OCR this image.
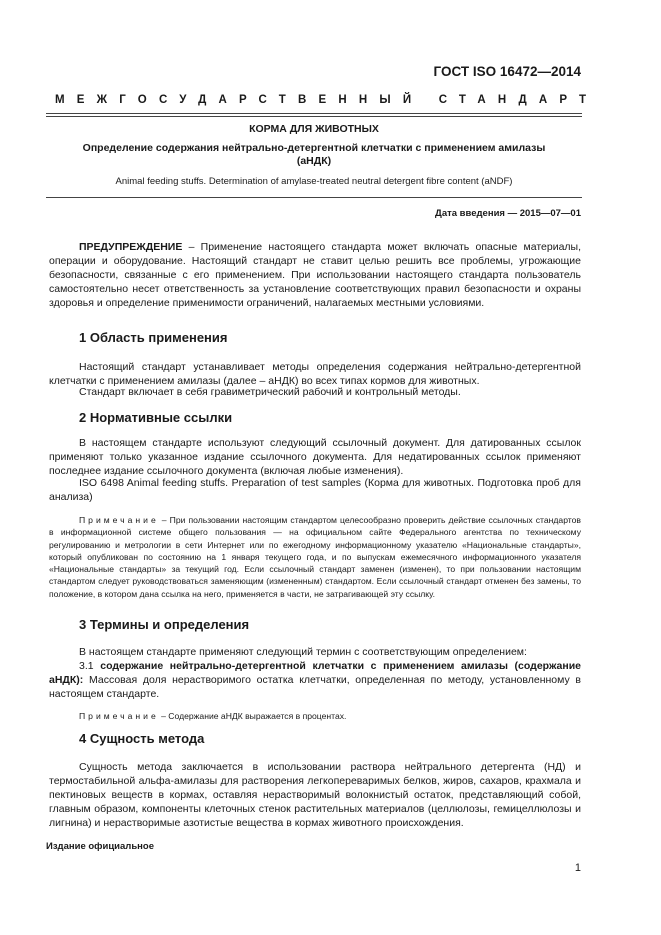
ГОСТ ISO 16472—2014
МЕЖГОСУДАРСТВЕННЫЙ СТАНДАРТ
КОРМА ДЛЯ ЖИВОТНЫХ
Определение содержания нейтрально-детергентной клетчатки с применением амилазы
(аНДК)
Animal feeding stuffs. Determination of amylase-treated neutral detergent fibre content (aNDF)
Дата введения — 2015—07—01
ПРЕДУПРЕЖДЕНИЕ – Применение настоящего стандарта может включать опасные материалы, операции и оборудование. Настоящий стандарт не ставит целью решить все проблемы, угрожающие безопасности, связанные с его применением. При использовании настоящего стандарта пользователь самостоятельно несет ответственность за установление соответствующих правил безопасности и охраны здоровья и определение применимости ограничений, налагаемых местными условиями.
1 Область применения
Настоящий стандарт устанавливает методы определения содержания нейтрально-детергентной клетчатки с применением амилазы (далее – аНДК) во всех типах кормов для животных.
Стандарт включает в себя гравиметрический рабочий и контрольный методы.
2 Нормативные ссылки
В настоящем стандарте используют следующий ссылочный документ. Для датированных ссылок применяют только указанное издание ссылочного документа. Для недатированных ссылок применяют последнее издание ссылочного документа (включая любые изменения).
ISO 6498 Animal feeding stuffs. Preparation of test samples (Корма для животных. Подготовка проб для анализа)
Примечание – При пользовании настоящим стандартом целесообразно проверить действие ссылочных стандартов в информационной системе общего пользования — на официальном сайте Федерального агентства по техническому регулированию и метрологии в сети Интернет или по ежегодному информационному указателю «Национальные стандарты», который опубликован по состоянию на 1 января текущего года, и по выпускам ежемесячного информационного указателя «Национальные стандарты» за текущий год. Если ссылочный стандарт заменен (изменен), то при пользовании настоящим стандартом следует руководствоваться заменяющим (измененным) стандартом. Если ссылочный стандарт отменен без замены, то положение, в котором дана ссылка на него, применяется в части, не затрагивающей эту ссылку.
3 Термины и определения
В настоящем стандарте применяют следующий термин с соответствующим определением:
3.1 содержание нейтрально-детергентной клетчатки с применением амилазы (содержание аНДК): Массовая доля нерастворимого остатка клетчатки, определенная по методу, установленному в настоящем стандарте.
Примечание – Содержание аНДК выражается в процентах.
4 Сущность метода
Сущность метода заключается в использовании раствора нейтрального детергента (НД) и термостабильной альфа-амилазы для растворения легкопереваримых белков, жиров, сахаров, крахмала и пектиновых веществ в кормах, оставляя нерастворимый волокнистый остаток, представляющий собой, главным образом, компоненты клеточных стенок растительных материалов (целлюлозы, гемицеллюлозы и лигнина) и нерастворимые азотистые вещества в кормах животного происхождения.
Издание официальное
1
